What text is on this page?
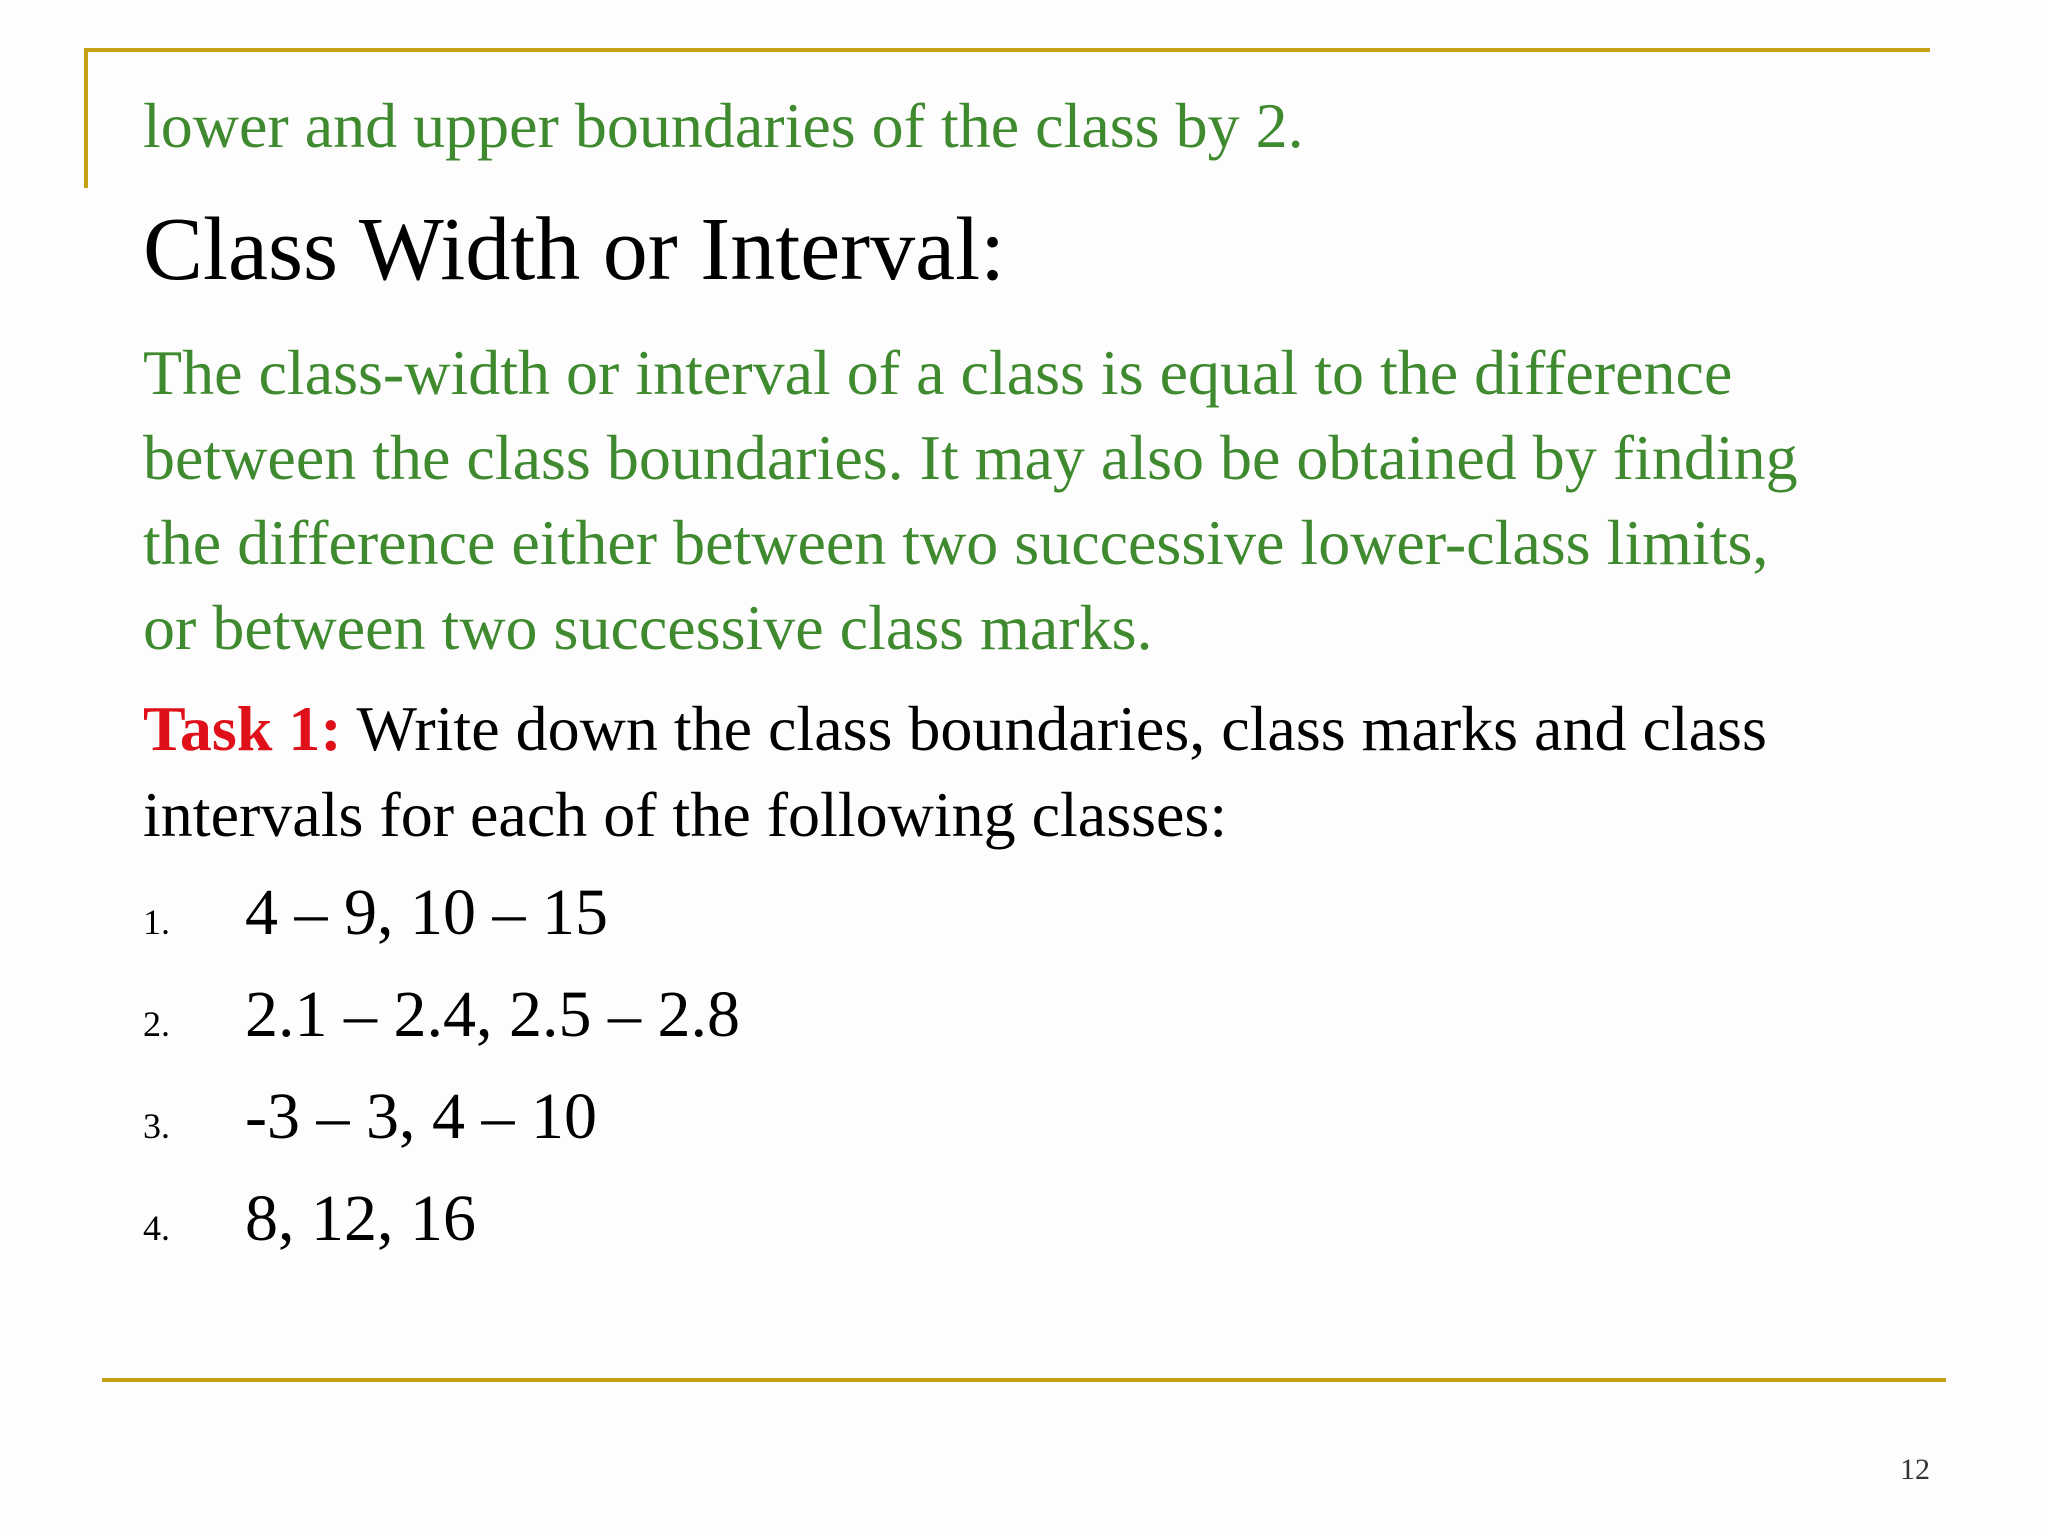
lower and upper boundaries of the class by 2.
Class Width or Interval:
The class-width or interval of a class is equal to the difference
between the class boundaries. It may also be obtained by finding
the difference either between two successive lower-class limits,
or between two successive class marks.
Task 1: Write down the class boundaries, class marks and class
intervals for each of the following classes:
1. 4 – 9, 10 – 15
2. 2.1 – 2.4, 2.5 – 2.8
3. -3 – 3, 4 – 10
4. 8, 12, 16
12
